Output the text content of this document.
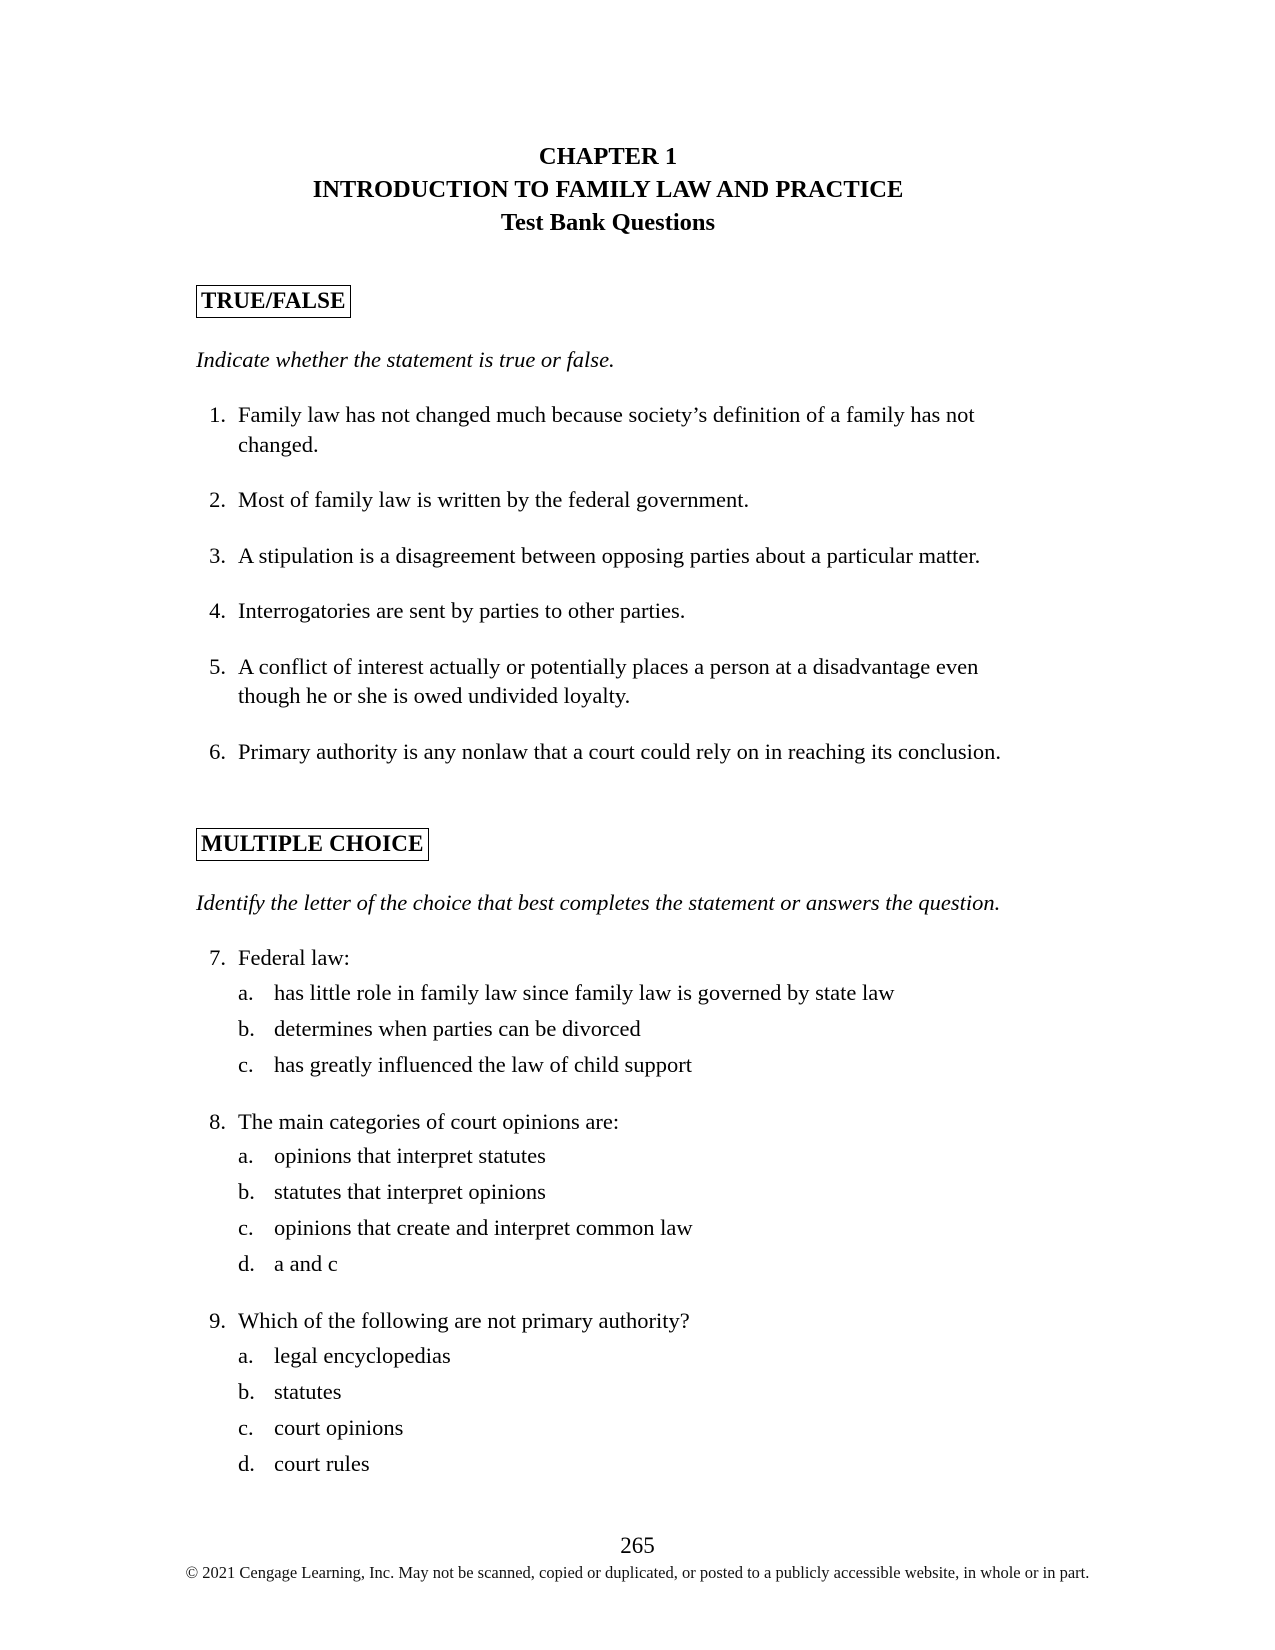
CHAPTER 1
INTRODUCTION TO FAMILY LAW AND PRACTICE
Test Bank Questions
TRUE/FALSE
Indicate whether the statement is true or false.
1. Family law has not changed much because society’s definition of a family has not changed.
2. Most of family law is written by the federal government.
3. A stipulation is a disagreement between opposing parties about a particular matter.
4. Interrogatories are sent by parties to other parties.
5. A conflict of interest actually or potentially places a person at a disadvantage even though he or she is owed undivided loyalty.
6. Primary authority is any nonlaw that a court could rely on in reaching its conclusion.
MULTIPLE CHOICE
Identify the letter of the choice that best completes the statement or answers the question.
7. Federal law:
a. has little role in family law since family law is governed by state law
b. determines when parties can be divorced
c. has greatly influenced the law of child support
8. The main categories of court opinions are:
a. opinions that interpret statutes
b. statutes that interpret opinions
c. opinions that create and interpret common law
d. a and c
9. Which of the following are not primary authority?
a. legal encyclopedias
b. statutes
c. court opinions
d. court rules
265
© 2021 Cengage Learning, Inc. May not be scanned, copied or duplicated, or posted to a publicly accessible website, in whole or in part.
